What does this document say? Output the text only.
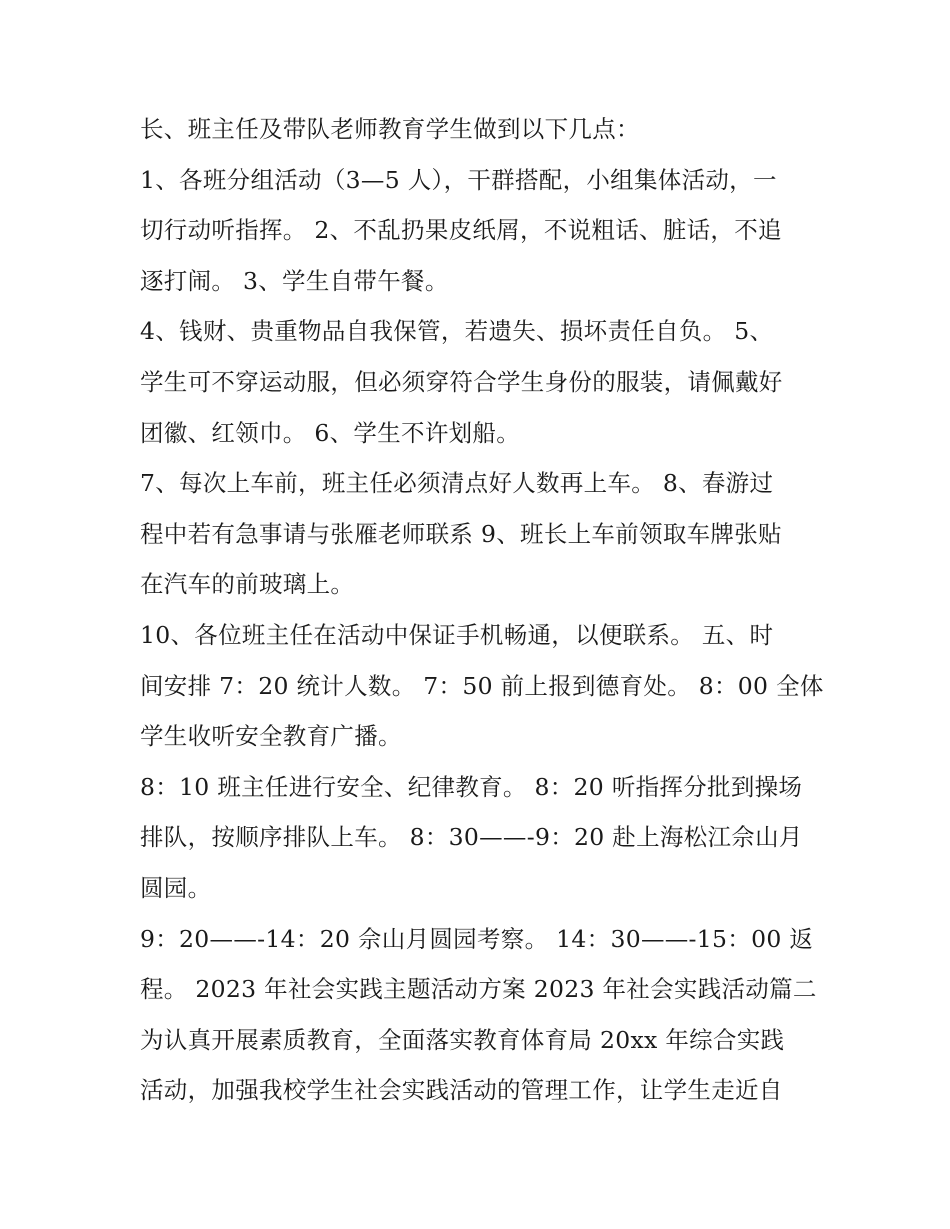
长、班主任及带队老师教育学生做到以下几点：
1、各班分组活动（3—5 人），干群搭配，小组集体活动，一
切行动听指挥。 2、不乱扔果皮纸屑，不说粗话、脏话，不追
逐打闹。 3、学生自带午餐。
4、钱财、贵重物品自我保管，若遗失、损坏责任自负。 5、
学生可不穿运动服，但必须穿符合学生身份的服装，请佩戴好
团徽、红领巾。 6、学生不许划船。
7、每次上车前，班主任必须清点好人数再上车。 8、春游过
程中若有急事请与张雁老师联系 9、班长上车前领取车牌张贴
在汽车的前玻璃上。
10、各位班主任在活动中保证手机畅通，以便联系。 五、时
间安排 7：20 统计人数。 7：50 前上报到德育处。 8：00 全体
学生收听安全教育广播。
8：10 班主任进行安全、纪律教育。 8：20 听指挥分批到操场
排队，按顺序排队上车。 8：30——-9：20 赴上海松江佘山月
圆园。
9：20——-14：20 佘山月圆园考察。 14：30——-15：00 返
程。 2023 年社会实践主题活动方案 2023 年社会实践活动篇二
为认真开展素质教育，全面落实教育体育局 20xx 年综合实践
活动，加强我校学生社会实践活动的管理工作，让学生走近自
